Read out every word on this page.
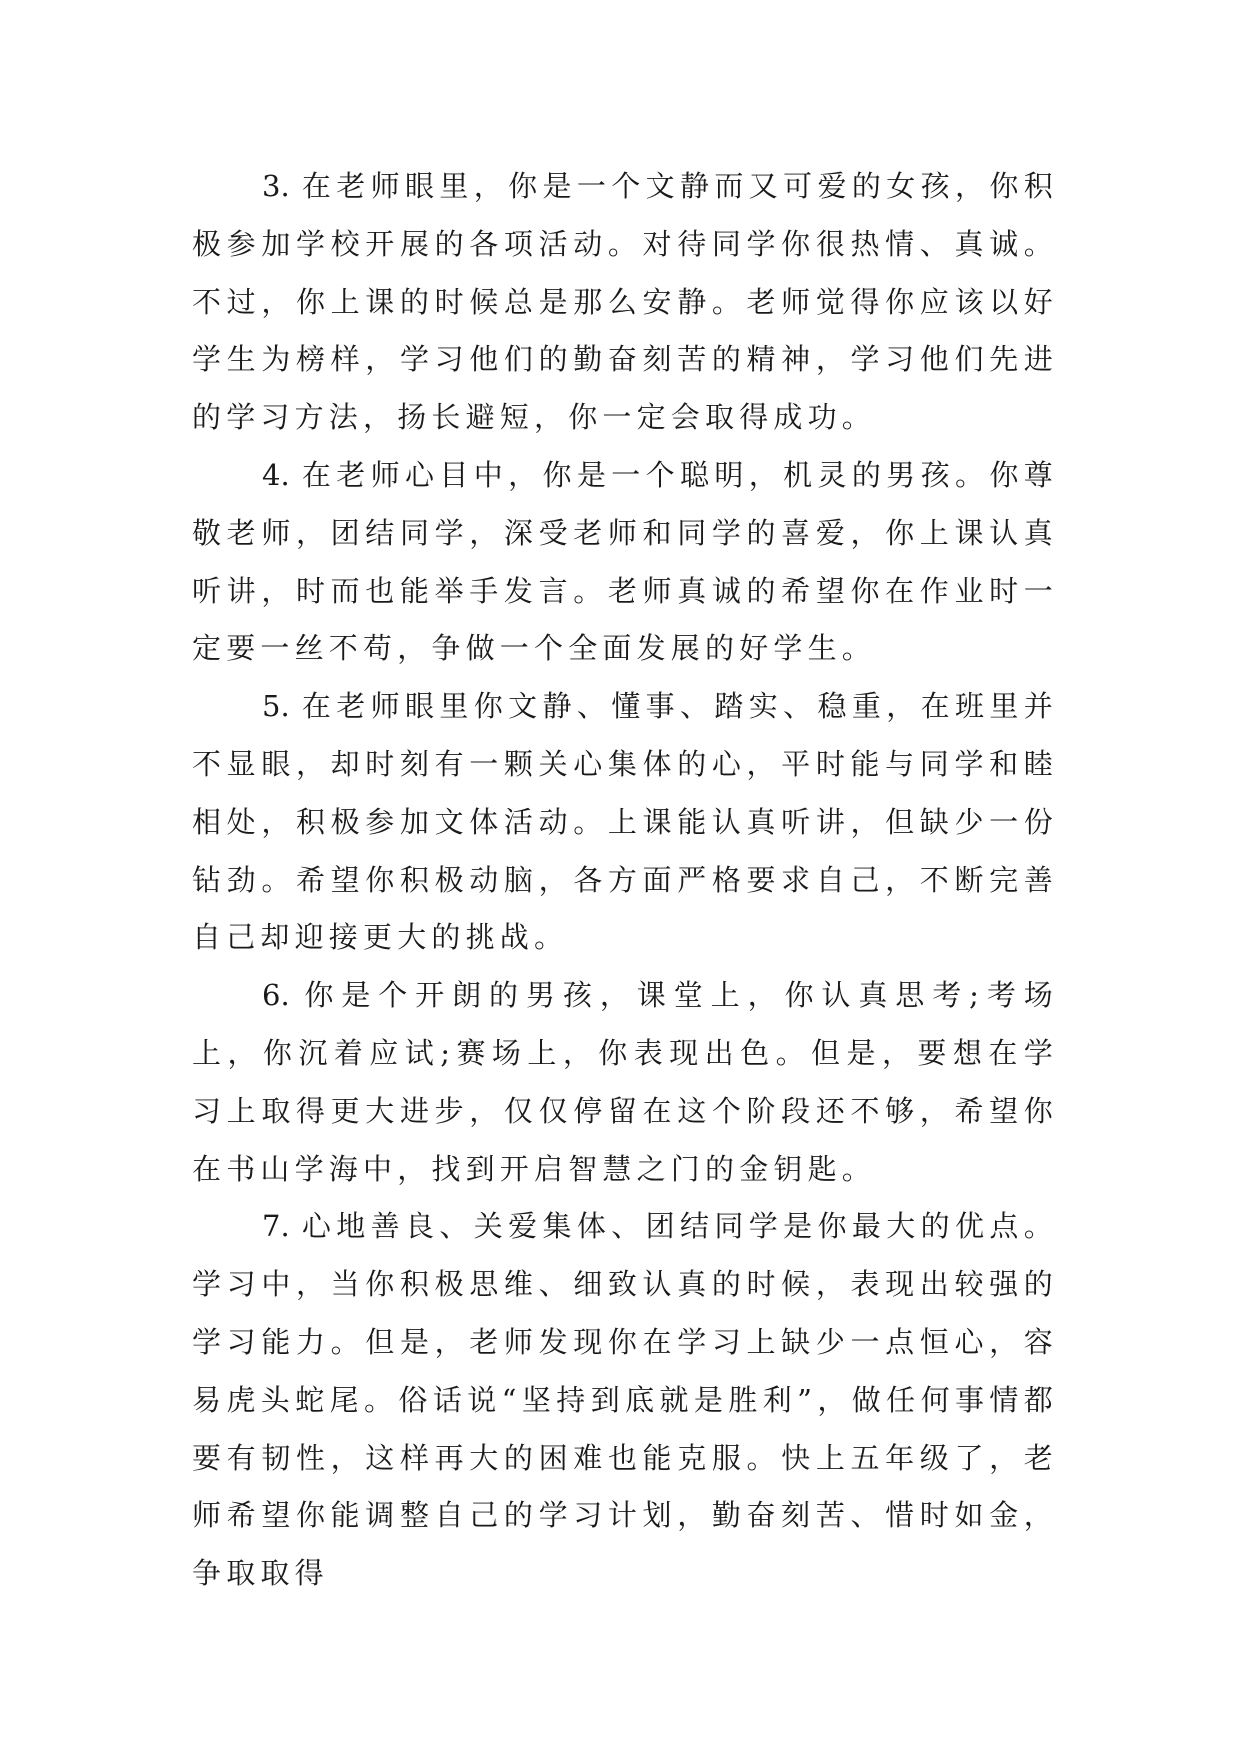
3. 在老师眼里，你是一个文静而又可爱的女孩，你积极参加学校开展的各项活动。对待同学你很热情、真诚。不过，你上课的时候总是那么安静。老师觉得你应该以好学生为榜样，学习他们的勤奋刻苦的精神，学习他们先进的学习方法，扬长避短，你一定会取得成功。

4. 在老师心目中，你是一个聪明，机灵的男孩。你尊敬老师，团结同学，深受老师和同学的喜爱，你上课认真听讲，时而也能举手发言。老师真诚的希望你在作业时一定要一丝不苟，争做一个全面发展的好学生。

5. 在老师眼里你文静、懂事、踏实、稳重，在班里并不显眼，却时刻有一颗关心集体的心，平时能与同学和睦相处，积极参加文体活动。上课能认真听讲，但缺少一份钻劲。希望你积极动脑，各方面严格要求自己，不断完善自己却迎接更大的挑战。

6. 你是个开朗的男孩，课堂上，你认真思考;考场上，你沉着应试;赛场上，你表现出色。但是，要想在学习上取得更大进步，仅仅停留在这个阶段还不够，希望你在书山学海中，找到开启智慧之门的金钥匙。

7. 心地善良、关爱集体、团结同学是你最大的优点。学习中，当你积极思维、细致认真的时候，表现出较强的学习能力。但是，老师发现你在学习上缺少一点恒心，容易虎头蛇尾。俗话说“坚持到底就是胜利”，做任何事情都要有韧性，这样再大的困难也能克服。快上五年级了，老师希望你能调整自己的学习计划，勤奋刻苦、惜时如金，争取取得
